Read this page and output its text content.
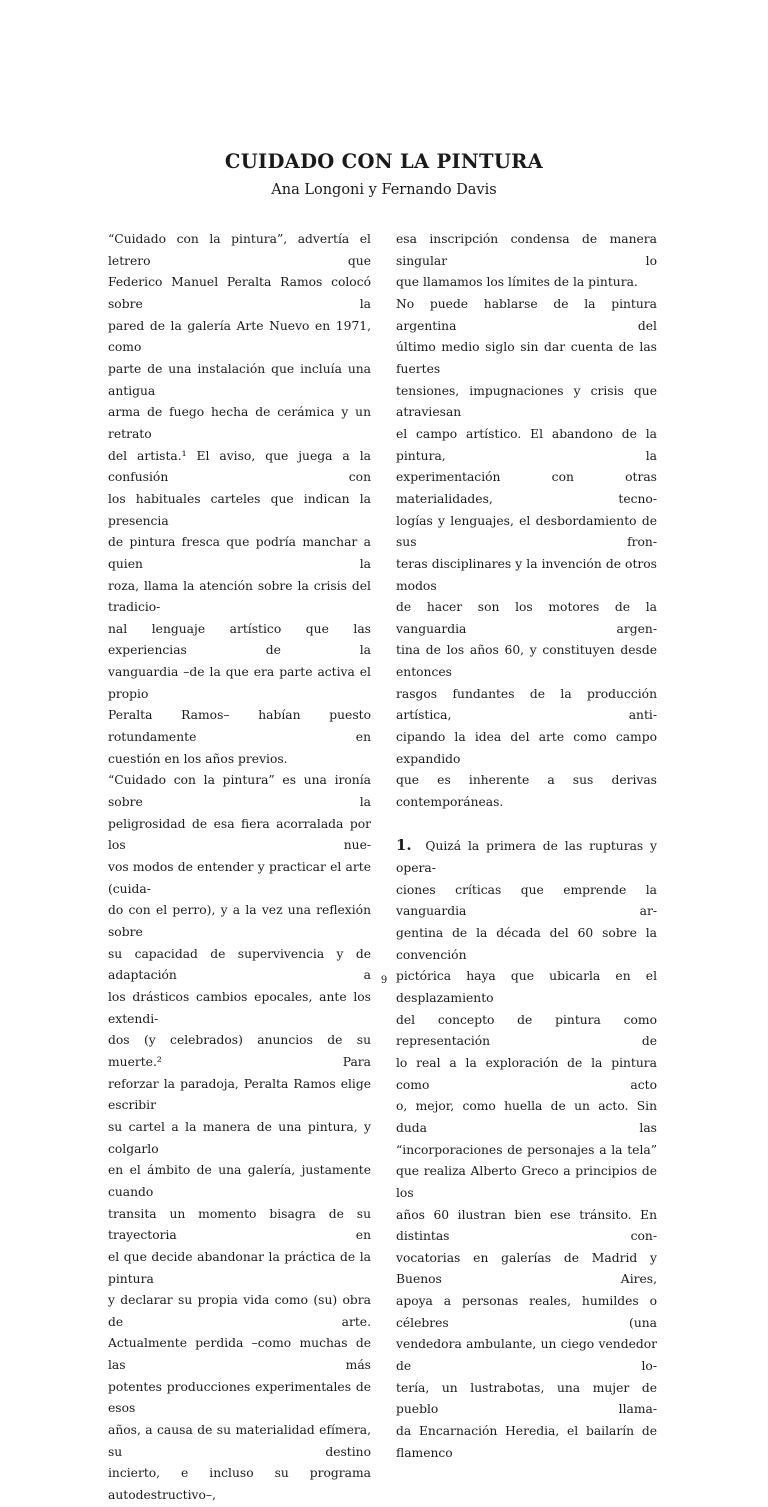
CUIDADO CON LA PINTURA
Ana Longoni y Fernando Davis

“Cuidado con la pintura”, advertía el letrero que

Federico Manuel Peralta Ramos colocó sobre la

pared de la galería Arte Nuevo en 1971, como

parte de una instalación que incluía una antigua

arma de fuego hecha de cerámica y un retrato

del artista.¹ El aviso, que juega a la confusión con

los habituales carteles que indican la presencia

de pintura fresca que podría manchar a quien la

roza, llama la atención sobre la crisis del tradicio-

nal lenguaje artístico que las experiencias de la

vanguardia –de la que era parte activa el propio

Peralta Ramos– habían puesto rotundamente en

cuestión en los años previos.

“Cuidado con la pintura” es una ironía sobre la

peligrosidad de esa fiera acorralada por los nue-

vos modos de entender y practicar el arte (cuida-

do con el perro), y a la vez una reflexión sobre

su capacidad de supervivencia y de adaptación a

los drásticos cambios epocales, ante los extendi-

dos (y celebrados) anuncios de su muerte.² Para

reforzar la paradoja, Peralta Ramos elige escribir

su cartel a la manera de una pintura, y colgarlo

en el ámbito de una galería, justamente cuando

transita un momento bisagra de su trayectoria en

el que decide abandonar la práctica de la pintura

y declarar su propia vida como (su) obra de arte.

Actualmente perdida –como muchas de las más

potentes producciones experimentales de esos

años, a causa de su materialidad efímera, su destino

incierto, e incluso su programa autodestructivo–,

esa inscripción condensa de manera singular lo

que llamamos los límites de la pintura.

No puede hablarse de la pintura argentina del

último medio siglo sin dar cuenta de las fuertes

tensiones, impugnaciones y crisis que atraviesan

el campo artístico. El abandono de la pintura, la

experimentación con otras materialidades, tecno-

logías y lenguajes, el desbordamiento de sus fron-

teras disciplinares y la invención de otros modos

de hacer son los motores de la vanguardia argen-

tina de los años 60, y constituyen desde entonces

rasgos fundantes de la producción artística, anti-

cipando la idea del arte como campo expandido

que es inherente a sus derivas contemporáneas.

1. Quizá la primera de las rupturas y opera-

ciones críticas que emprende la vanguardia ar-

gentina de la década del 60 sobre la convención

pictórica haya que ubicarla en el desplazamiento

del concepto de pintura como representación de

lo real a la exploración de la pintura como acto

o, mejor, como huella de un acto. Sin duda las

“incorporaciones de personajes a la tela”

que realiza Alberto Greco a principios de los

años 60 ilustran bien ese tránsito. En distintas con-

vocatorias en galerías de Madrid y Buenos Aires,

apoya a personas reales, humildes o célebres (una

vendedora ambulante, un ciego vendedor de lo-

tería, un lustrabotas, una mujer de pueblo llama-

da Encarnación Heredia, el bailarín de flamenco

9
